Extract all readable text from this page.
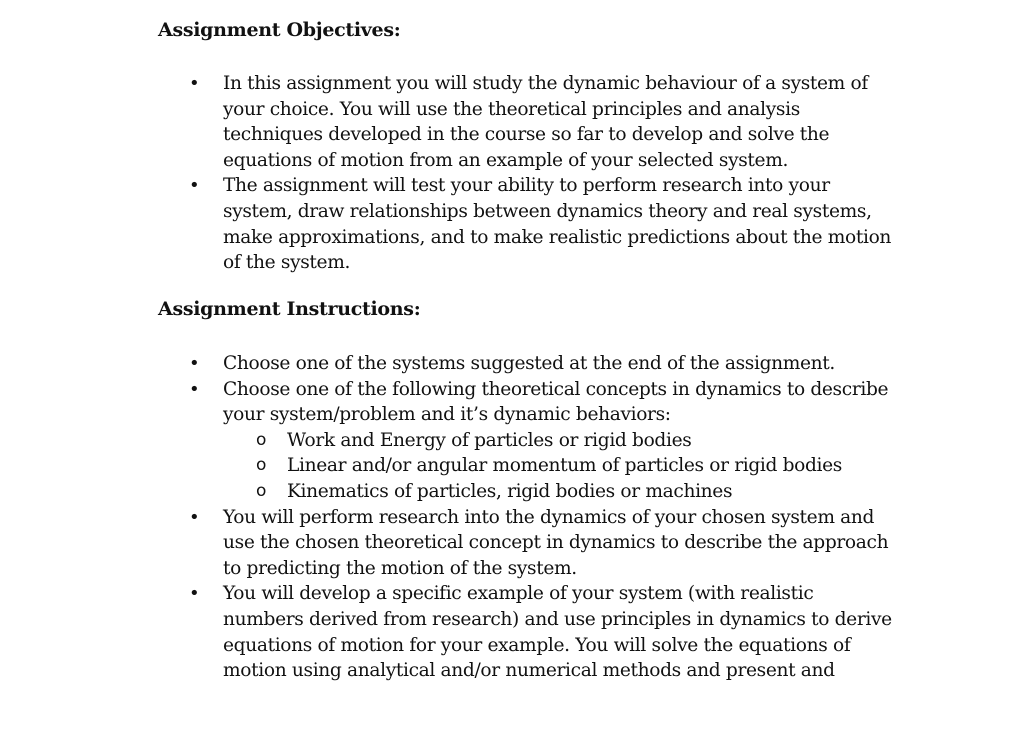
Assignment Objectives:
• In this assignment you will study the dynamic behaviour of a system of
your choice. You will use the theoretical principles and analysis
techniques developed in the course so far to develop and solve the
equations of motion from an example of your selected system.
• The assignment will test your ability to perform research into your
system, draw relationships between dynamics theory and real systems,
make approximations, and to make realistic predictions about the motion
of the system.
Assignment Instructions:
• Choose one of the systems suggested at the end of the assignment.
• Choose one of the following theoretical concepts in dynamics to describe
your system/problem and it’s dynamic behaviors:
o Work and Energy of particles or rigid bodies
o Linear and/or angular momentum of particles or rigid bodies
o Kinematics of particles, rigid bodies or machines
• You will perform research into the dynamics of your chosen system and
use the chosen theoretical concept in dynamics to describe the approach
to predicting the motion of the system.
• You will develop a specific example of your system (with realistic
numbers derived from research) and use principles in dynamics to derive
equations of motion for your example. You will solve the equations of
motion using analytical and/or numerical methods and present and
